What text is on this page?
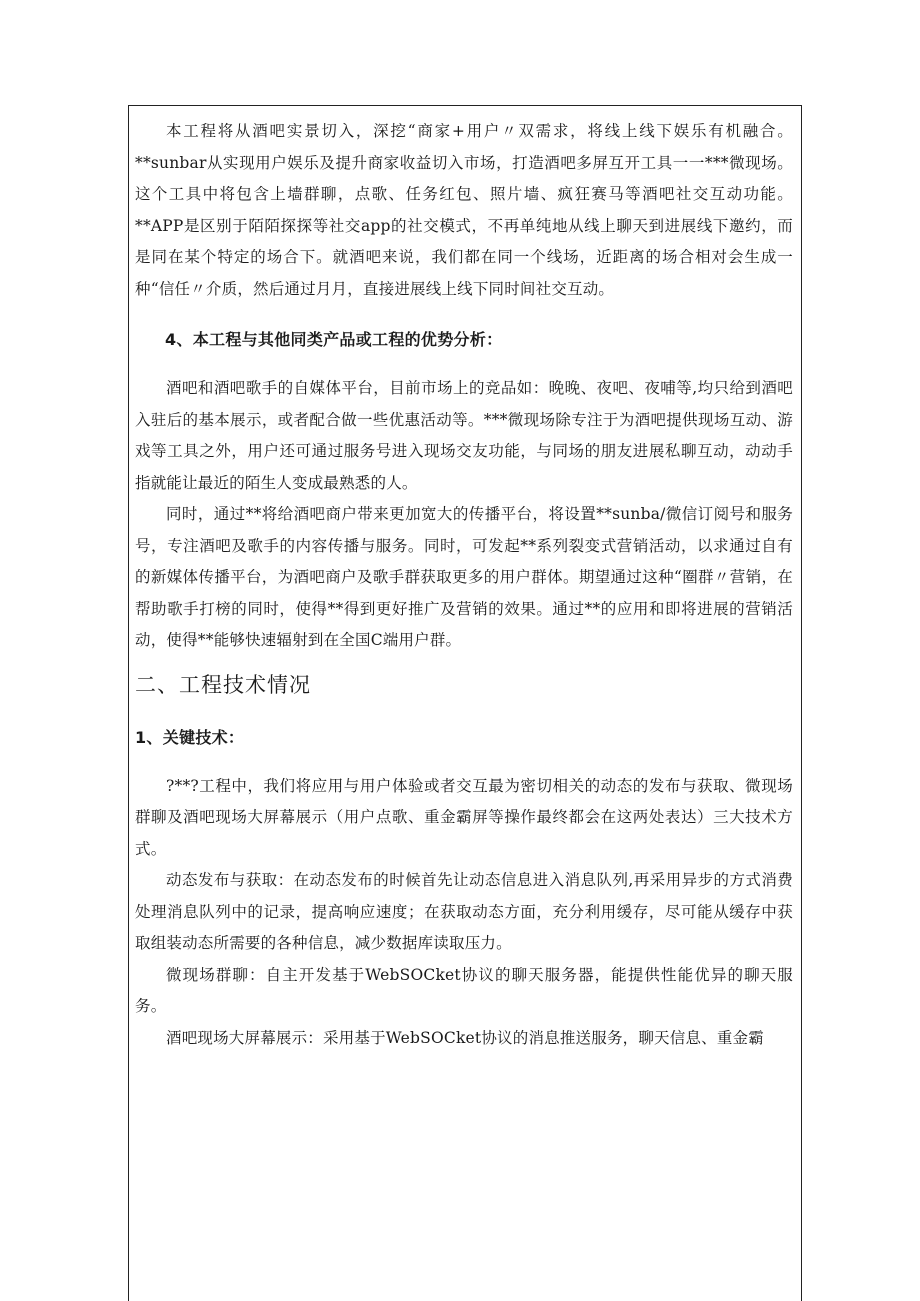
本工程将从酒吧实景切入，深挖“商家+用户〃双需求，将线上线下娱乐有机融合。**sunbar从实现用户娱乐及提升商家收益切入市场，打造酒吧多屏互开工具一一***微现场。这个工具中将包含上墙群聊，点歌、任务红包、照片墙、疯狂赛马等酒吧社交互动功能。**APP是区别于陌陌探探等社交app的社交模式，不再单纯地从线上聊天到进展线下邀约，而是同在某个特定的场合下。就酒吧来说，我们都在同一个线场，近距离的场合相对会生成一种“信任〃介质，然后通过月月，直接进展线上线下同时间社交互动。

4、本工程与其他同类产品或工程的优势分析：

酒吧和酒吧歌手的自媒体平台，目前市场上的竞品如：晚晚、夜吧、夜哺等,均只给到酒吧入驻后的基本展示，或者配合做一些优惠活动等。***微现场除专注于为酒吧提供现场互动、游戏等工具之外，用户还可通过服务号进入现场交友功能，与同场的朋友进展私聊互动，动动手指就能让最近的陌生人变成最熟悉的人。

同时，通过**将给酒吧商户带来更加宽大的传播平台，将设置**sunba/微信订阅号和服务号，专注酒吧及歌手的内容传播与服务。同时，可发起**系列裂变式营销活动，以求通过自有的新媒体传播平台，为酒吧商户及歌手群获取更多的用户群体。期望通过这种“圈群〃营销，在帮助歌手打榜的同时，使得**得到更好推广及营销的效果。通过**的应用和即将进展的营销活动，使得**能够快速辐射到在全国C端用户群。

二、工程技术情况
1、关键技术：

?**?工程中，我们将应用与用户体验或者交互最为密切相关的动态的发布与获取、微现场群聊及酒吧现场大屏幕展示（用户点歌、重金霸屏等操作最终都会在这两处表达）三大技术方式。

动态发布与获取：在动态发布的时候首先让动态信息进入消息队列,再采用异步的方式消费处理消息队列中的记录，提高响应速度；在获取动态方面，充分利用缓存，尽可能从缓存中获取组装动态所需要的各种信息，减少数据库读取压力。

微现场群聊：自主开发基于WebSOCket协议的聊天服务器，能提供性能优异的聊天服务。

酒吧现场大屏幕展示：采用基于WebSOCket协议的消息推送服务，聊天信息、重金霸
